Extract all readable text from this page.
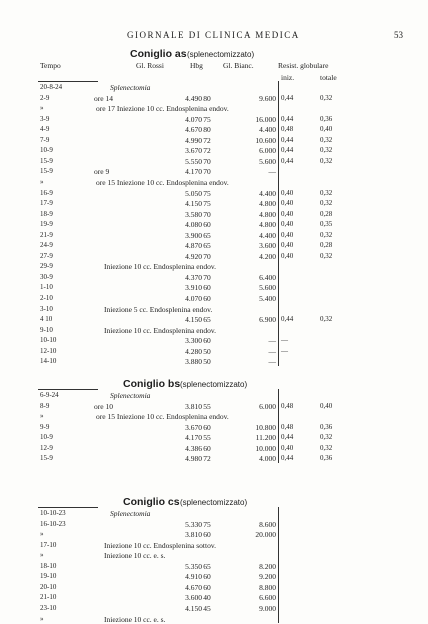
GIORNALE DI CLINICA MEDICA	53
Coniglio as (splenectomizzato)
Tempo	Gl. Rossi	Hbg	Gl. Bianc.	Resist. globulare
iniz.	totale
20-8-24	Splenectomia
2-9	ore 14	4.490 80	9.600 0,44	0,32
»	ore 17 Iniezione 10 cc. Endosplenina endov.
3-9	4.070 75	16.000 0,44	0,36
4-9	4.670 80	4.400 0,48	0,40
7-9	4.990 72	10.600 0,44	0,32
10-9	3.670 72	6.000 0,44	0,32
15-9	5.550 70	5.600 0,44	0,32
15-9	ore 9	4.170 70	—
»	ore 15 Iniezione 10 cc. Endosplenina endov.
16-9	5.050 75	4.400 0,40	0,32
17-9	4.150 75	4.800 0,40	0,32
18-9	3.580 70	4.800 0,40	0,28
19-9	4.080 60	4.800 0,40	0,35
21-9	3.900 65	4.400 0,40	0,32
24-9	4.870 65	3.600 0,40	0,28
27-9	4.920 70	4.200 0,40	0,32
29-9	Iniezione 10 cc. Endosplenina endov.
30-9	4.370 70	6.400
1-10	3.910 60	5.600
2-10	4.070 60	5.400
3-10	Iniezione 5 cc. Endosplenina endov.
4 10	4.150 65	6.900 0,44	0,32
9-10	Iniezione 10 cc. Endosplenina endov.
10-10	3.300 60	— —
12-10	4.280 50	— —
14-10	3.880 50	—
Coniglio bs (splenectomizzato)
6-9-24	Splenectomia
8-9	ore 10	3.810 55	6.000 0,48	0,40
»	ore 15 Iniezione 10 cc. Endosplenina endov.
9-9	3.670 60	10.800 0,48	0,36
10-9	4.170 55	11.200 0,44	0,32
12-9	4.386 60	10.000 0,40	0,32
15-9	4.980 72	4.000 0,44	0,36
Coniglio cs (splenectomizzato)
10-10-23	Splenectomia
16-10-23	5.330 75	8.600
»	3.810 60	20.000
17-10	Iniezione 10 cc. Endosplenina sottov.
»	Iniezione 10 cc. e. s.
18-10	5.350 65	8.200
19-10	4.910 60	9.200
20-10	4.670 60	8.800
21-10	3.600 40	6.600
23-10	4.150 45	9.000
»	Iniezione 10 cc. e. s.
